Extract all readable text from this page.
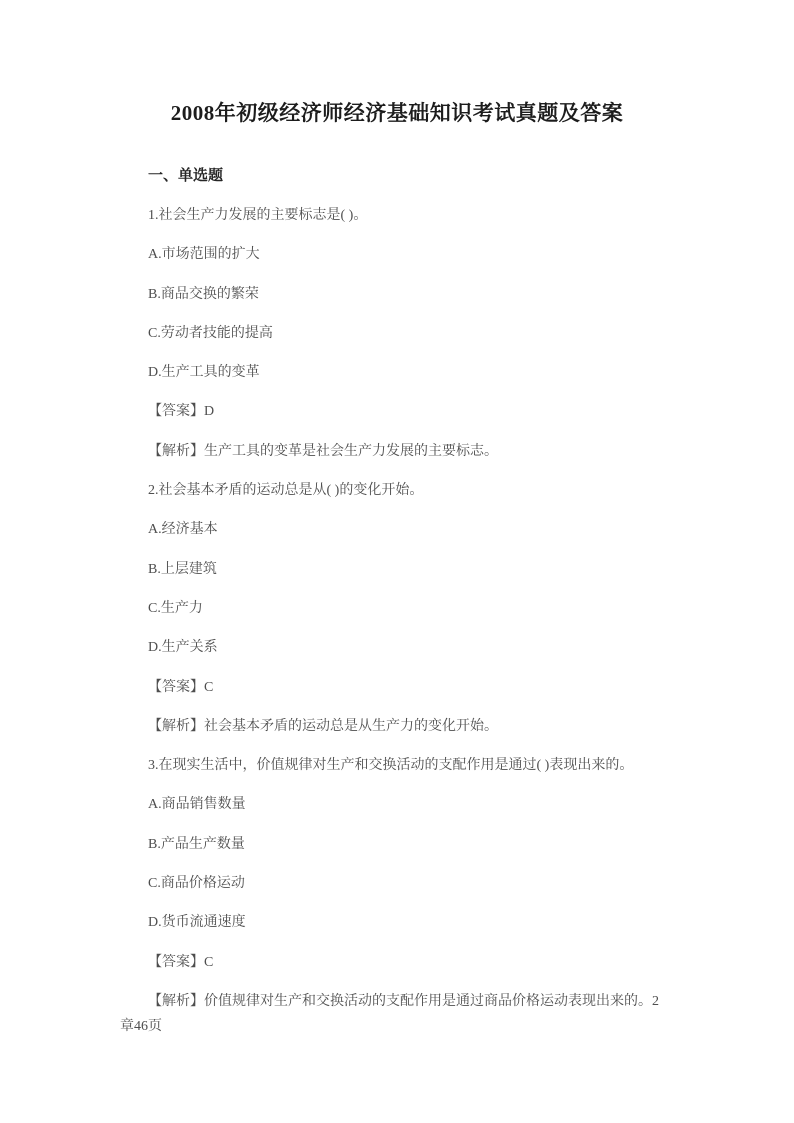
2008年初级经济师经济基础知识考试真题及答案
一、单选题

1.社会生产力发展的主要标志是( )。

A.市场范围的扩大

B.商品交换的繁荣

C.劳动者技能的提高

D.生产工具的变革

【答案】D

【解析】生产工具的变革是社会生产力发展的主要标志。

2.社会基本矛盾的运动总是从( )的变化开始。

A.经济基本

B.上层建筑

C.生产力

D.生产关系

【答案】C

【解析】社会基本矛盾的运动总是从生产力的变化开始。

3.在现实生活中，价值规律对生产和交换活动的支配作用是通过( )表现出来的。

A.商品销售数量

B.产品生产数量

C.商品价格运动

D.货币流通速度

【答案】C

【解析】价值规律对生产和交换活动的支配作用是通过商品价格运动表现出来的。2
章46页
